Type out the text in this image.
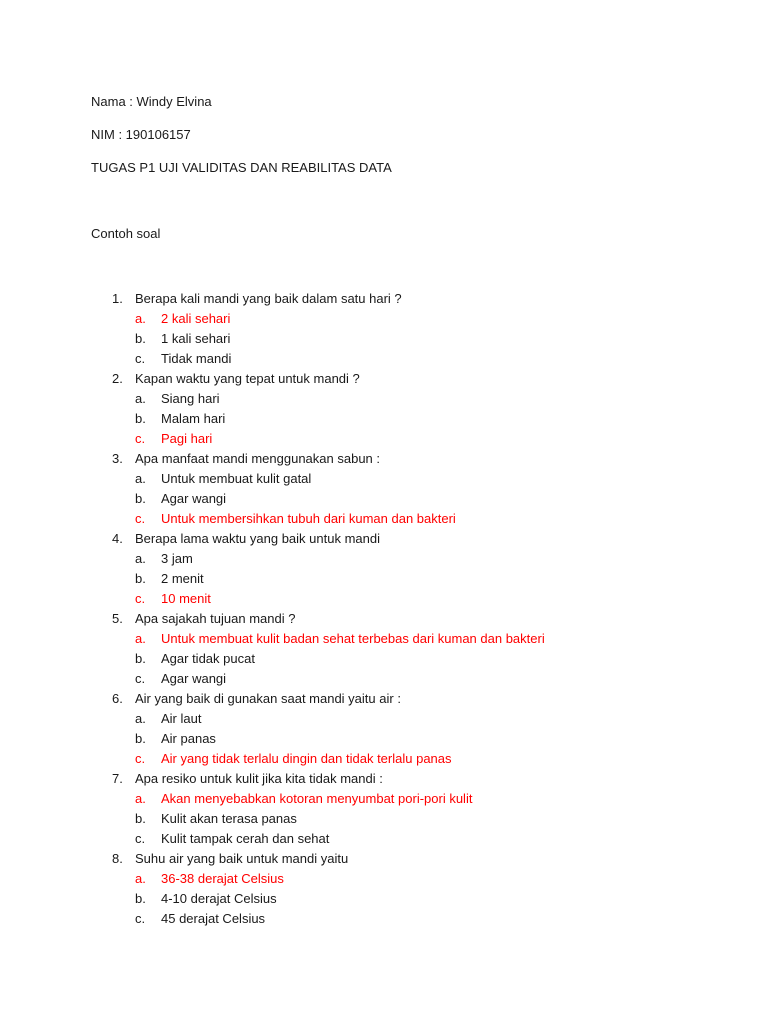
Nama : Windy Elvina
NIM : 190106157
TUGAS P1 UJI VALIDITAS DAN REABILITAS DATA
Contoh soal
1. Berapa kali mandi yang baik dalam satu hari ?
a. 2 kali sehari
b. 1 kali sehari
c. Tidak mandi
2. Kapan waktu yang tepat untuk mandi ?
a. Siang hari
b. Malam hari
c. Pagi hari
3. Apa manfaat mandi menggunakan sabun :
a. Untuk membuat kulit gatal
b. Agar wangi
c. Untuk membersihkan tubuh dari kuman dan bakteri
4. Berapa lama waktu yang baik untuk mandi
a. 3 jam
b. 2 menit
c. 10 menit
5. Apa sajakah tujuan mandi ?
a. Untuk membuat kulit badan sehat terbebas dari kuman dan bakteri
b. Agar tidak pucat
c. Agar wangi
6. Air yang baik di gunakan saat mandi yaitu air :
a. Air laut
b. Air panas
c. Air yang tidak terlalu dingin dan tidak terlalu panas
7. Apa resiko untuk kulit jika kita tidak mandi :
a. Akan menyebabkan kotoran menyumbat pori-pori kulit
b. Kulit akan terasa panas
c. Kulit tampak cerah dan sehat
8. Suhu air yang baik untuk mandi yaitu
a. 36-38 derajat Celsius
b. 4-10 derajat Celsius
c. 45 derajat Celsius
